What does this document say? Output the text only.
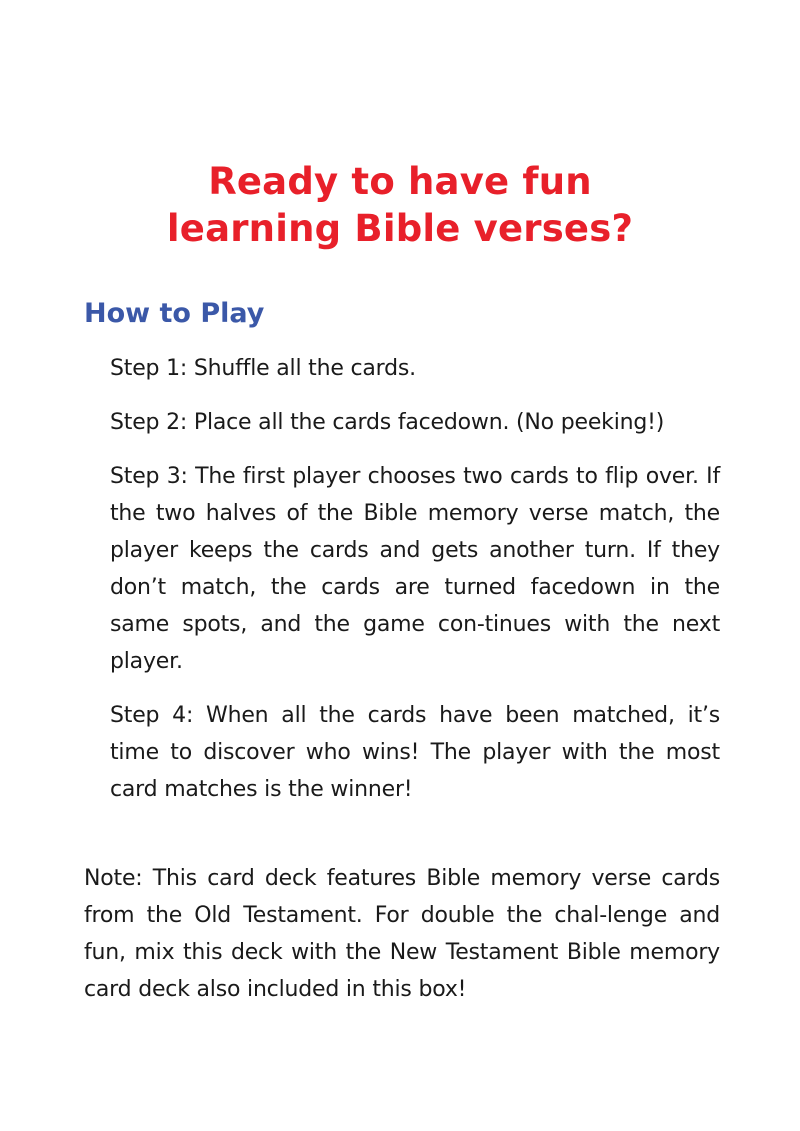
Ready to have fun
learning Bible verses?
How to Play

Step 1: Shuffle all the cards.

Step 2: Place all the cards facedown. (No peeking!)

Step 3: The first player chooses two cards to flip over. If the two halves of the Bible memory verse match, the player keeps the cards and gets another turn. If they don’t match, the cards are turned facedown in the same spots, and the game con-tinues with the next player.

Step 4: When all the cards have been matched, it’s time to discover who wins! The player with the most card matches is the winner!

Note: This card deck features Bible memory verse cards from the Old Testament. For double the chal-lenge and fun, mix this deck with the New Testament Bible memory card deck also included in this box!
